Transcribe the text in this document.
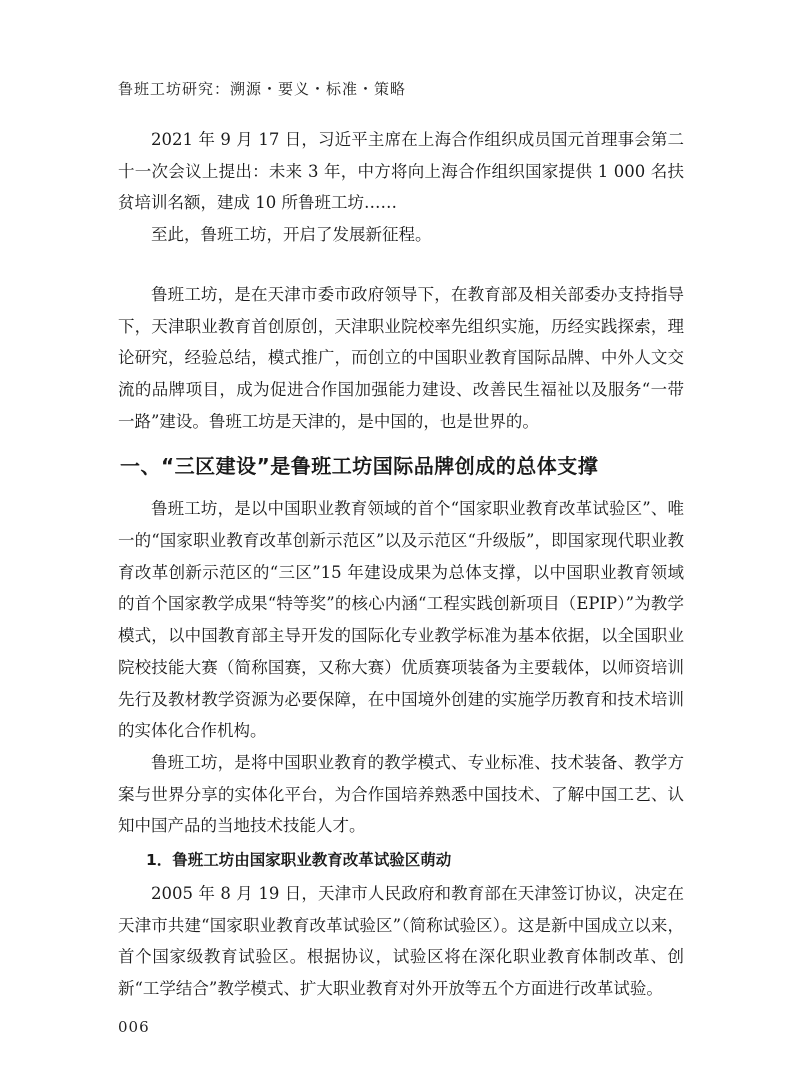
鲁班工坊研究：溯源・要义・标准・策略

2021 年 9 月 17 日，习近平主席在上海合作组织成员国元首理事会第二十一次会议上提出：未来 3 年，中方将向上海合作组织国家提供 1 000 名扶贫培训名额，建成 10 所鲁班工坊……

至此，鲁班工坊，开启了发展新征程。

鲁班工坊，是在天津市委市政府领导下，在教育部及相关部委办支持指导下，天津职业教育首创原创，天津职业院校率先组织实施，历经实践探索，理论研究，经验总结，模式推广，而创立的中国职业教育国际品牌、中外人文交流的品牌项目，成为促进合作国加强能力建设、改善民生福祉以及服务“一带一路”建设。鲁班工坊是天津的，是中国的，也是世界的。

一、“三区建设”是鲁班工坊国际品牌创成的总体支撑

鲁班工坊，是以中国职业教育领域的首个“国家职业教育改革试验区”、唯一的“国家职业教育改革创新示范区”以及示范区“升级版”，即国家现代职业教育改革创新示范区的“三区”15 年建设成果为总体支撑，以中国职业教育领域的首个国家教学成果“特等奖”的核心内涵“工程实践创新项目（EPIP）”为教学模式，以中国教育部主导开发的国际化专业教学标准为基本依据，以全国职业院校技能大赛（简称国赛，又称大赛）优质赛项装备为主要载体，以师资培训先行及教材教学资源为必要保障，在中国境外创建的实施学历教育和技术培训的实体化合作机构。

鲁班工坊，是将中国职业教育的教学模式、专业标准、技术装备、教学方案与世界分享的实体化平台，为合作国培养熟悉中国技术、了解中国工艺、认知中国产品的当地技术技能人才。

1．鲁班工坊由国家职业教育改革试验区萌动

2005 年 8 月 19 日，天津市人民政府和教育部在天津签订协议，决定在天津市共建“国家职业教育改革试验区”（简称试验区）。这是新中国成立以来，首个国家级教育试验区。根据协议，试验区将在深化职业教育体制改革、创新“工学结合”教学模式、扩大职业教育对外开放等五个方面进行改革试验。

006
